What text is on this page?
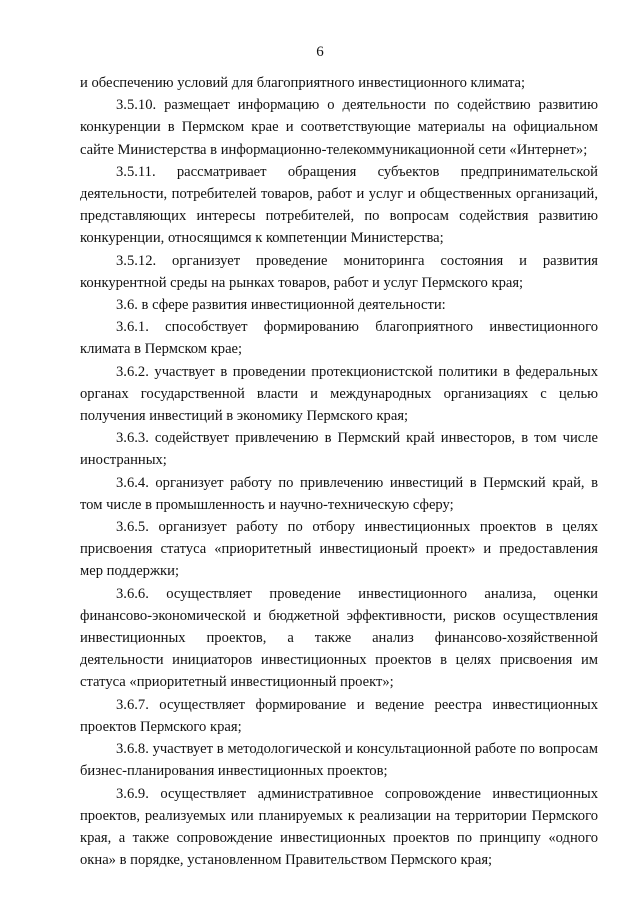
6

и обеспечению условий для благоприятного инвестиционного климата;

3.5.10. размещает информацию о деятельности по содействию развитию конкуренции в Пермском крае и соответствующие материалы на официальном сайте Министерства в информационно-телекоммуникационной сети «Интернет»;

3.5.11. рассматривает обращения субъектов предпринимательской деятельности, потребителей товаров, работ и услуг и общественных организаций, представляющих интересы потребителей, по вопросам содействия развитию конкуренции, относящимся к компетенции Министерства;

3.5.12. организует проведение мониторинга состояния и развития конкурентной среды на рынках товаров, работ и услуг Пермского края;

3.6. в сфере развития инвестиционной деятельности:

3.6.1. способствует формированию благоприятного инвестиционного климата в Пермском крае;

3.6.2. участвует в проведении протекционистской политики в федеральных органах государственной власти и международных организациях с целью получения инвестиций в экономику Пермского края;

3.6.3. содействует привлечению в Пермский край инвесторов, в том числе иностранных;

3.6.4. организует работу по привлечению инвестиций в Пермский край, в том числе в промышленность и научно-техническую сферу;

3.6.5. организует работу по отбору инвестиционных проектов в целях присвоения статуса «приоритетный инвестиционый проект» и предоставления мер поддержки;

3.6.6. осуществляет проведение инвестиционного анализа, оценки финансово-экономической и бюджетной эффективности, рисков осуществления инвестиционных проектов, а также анализ финансово-хозяйственной деятельности инициаторов инвестиционных проектов в целях присвоения им статуса «приоритетный инвестиционный проект»;

3.6.7. осуществляет формирование и ведение реестра инвестиционных проектов Пермского края;

3.6.8. участвует в методологической и консультационной работе по вопросам бизнес-планирования инвестиционных проектов;

3.6.9. осуществляет административное сопровождение инвестиционных проектов, реализуемых или планируемых к реализации на территории Пермского края, а также сопровождение инвестиционных проектов по принципу «одного окна» в порядке, установленном Правительством Пермского края;
